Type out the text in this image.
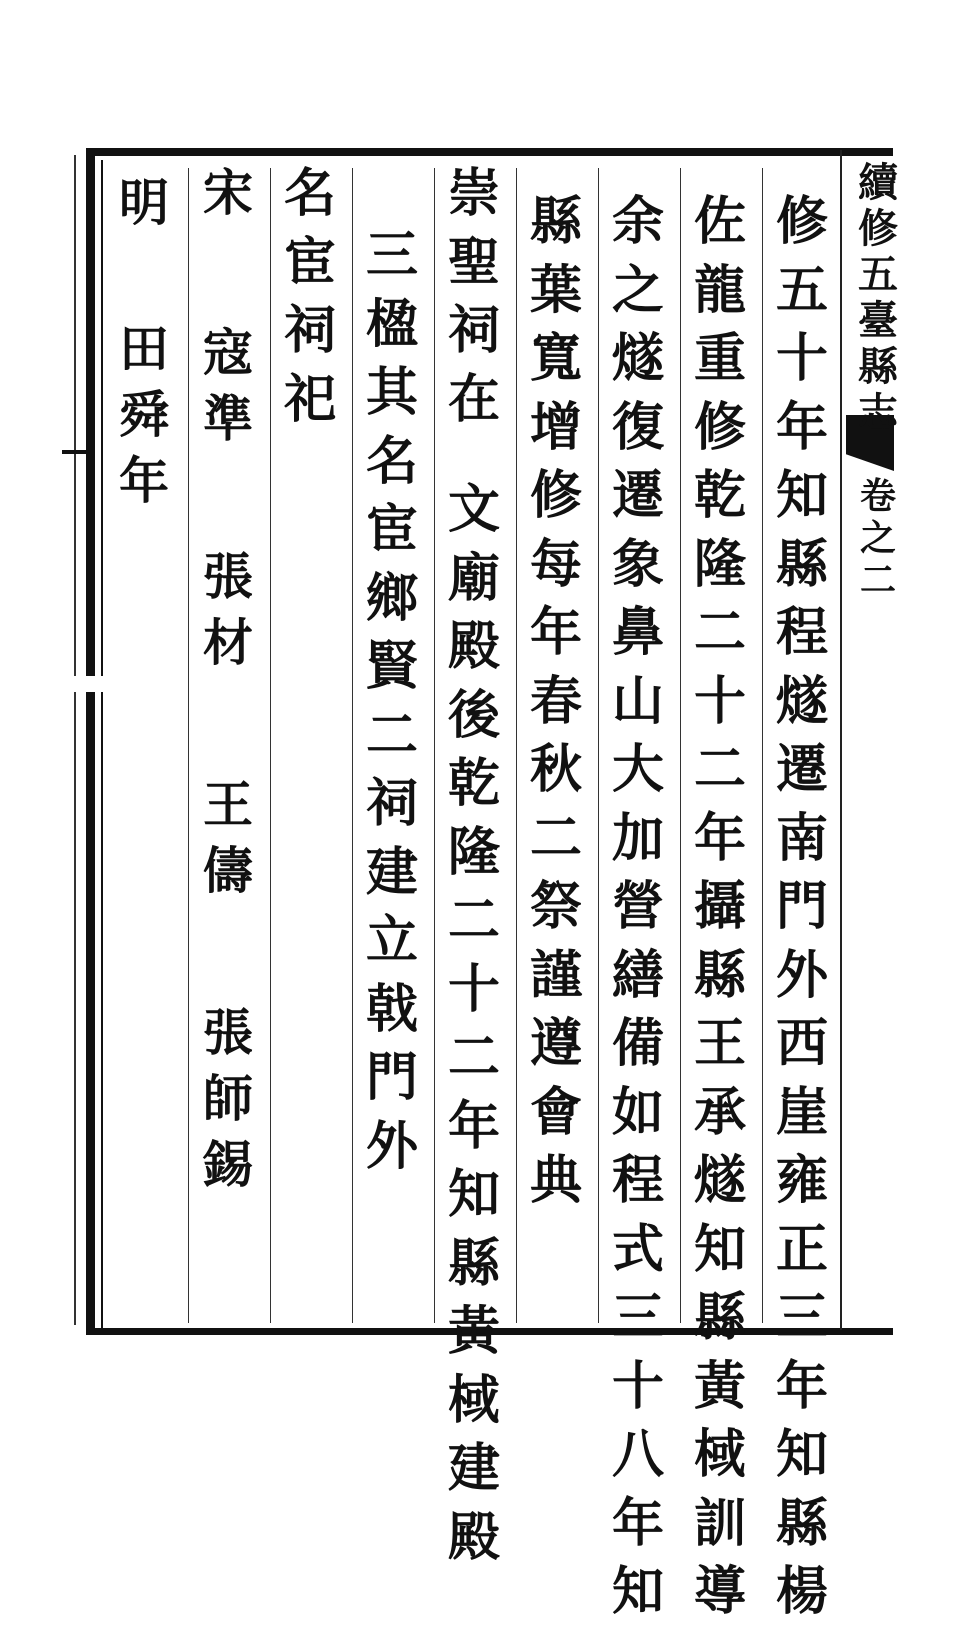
續修五臺縣志
卷之二
修五十年知縣程燧遷南門外西崖雍正三年知縣楊
佐龍重修乾隆二十二年攝縣王承燧知縣黃棫訓導
余之燧復遷象鼻山大加營繕備如程式三十八年知
縣葉寬增修每年春秋二祭謹遵會典
崇聖祠在
文廟殿後乾隆二十二年知縣黃棫建殿
三楹其名宦鄉賢二祠建立戟門外
名宦祠祀
宋
寇準
張材
王儔
張師錫
明
田舜年
